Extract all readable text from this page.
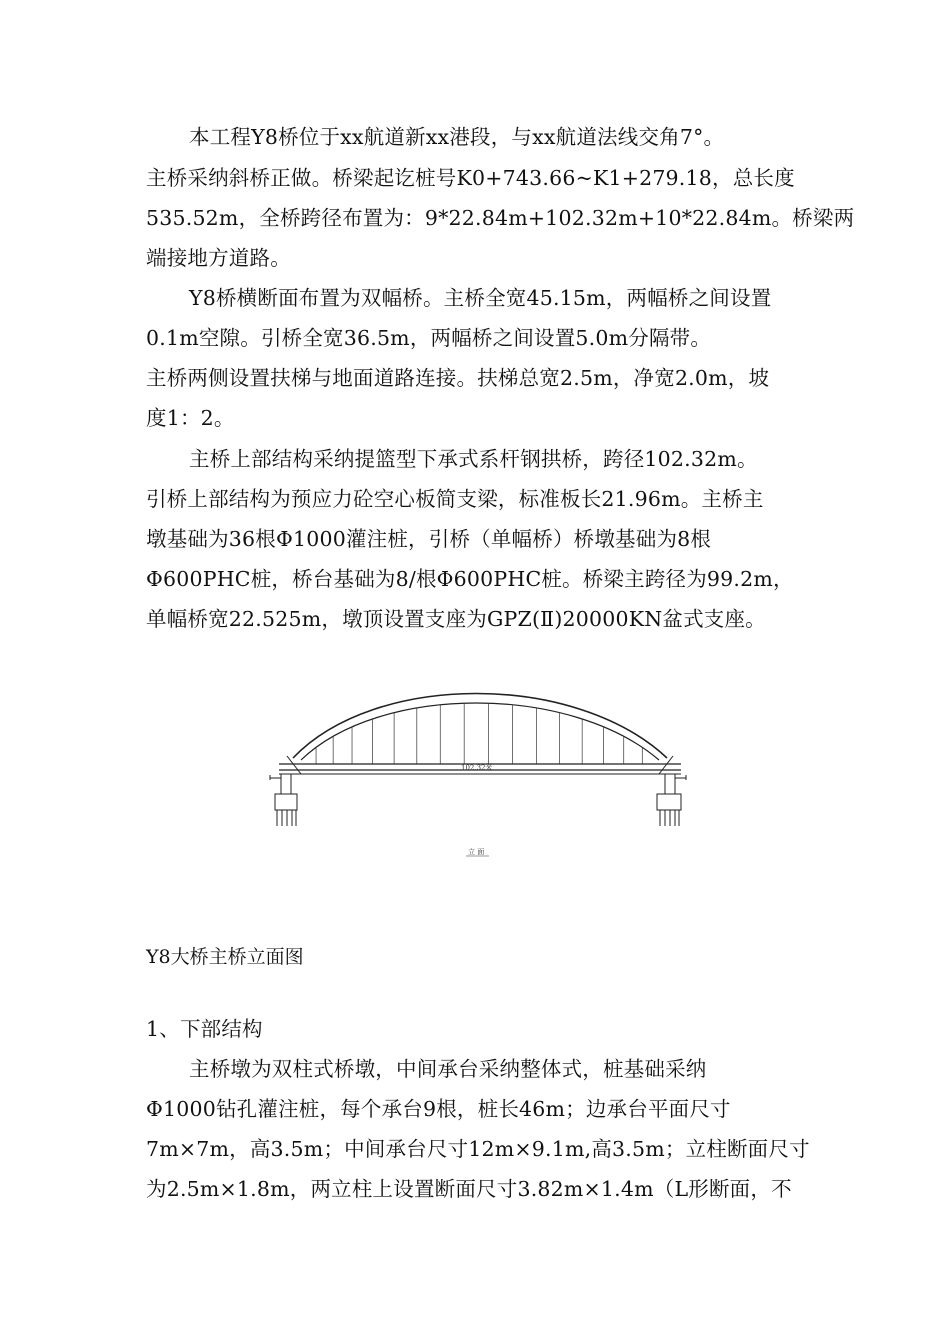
本工程Y8桥位于xx航道新xx港段，与xx航道法线交角7°。
主桥采纳斜桥正做。桥梁起讫桩号K0+743.66~K1+279.18，总长度
535.52m，全桥跨径布置为：9*22.84m+102.32m+10*22.84m。桥梁两
端接地方道路。
Y8桥横断面布置为双幅桥。主桥全宽45.15m，两幅桥之间设置
0.1m空隙。引桥全宽36.5m，两幅桥之间设置5.0m分隔带。
主桥两侧设置扶梯与地面道路连接。扶梯总宽2.5m，净宽2.0m，坡
度1：2。
主桥上部结构采纳提篮型下承式系杆钢拱桥，跨径102.32m。
引桥上部结构为预应力砼空心板简支梁，标准板长21.96m。主桥主
墩基础为36根Φ1000灌注桩，引桥（单幅桥）桥墩基础为8根
Φ600PHC桩，桥台基础为8/根Φ600PHC桩。桥梁主跨径为99.2m，
单幅桥宽22.525m，墩顶设置支座为GPZ(Ⅱ)20000KN盆式支座。
102.32米
立 面
Y8大桥主桥立面图
1、下部结构
主桥墩为双柱式桥墩，中间承台采纳整体式，桩基础采纳
Φ1000钻孔灌注桩，每个承台9根，桩长46m；边承台平面尺寸
7m×7m，高3.5m；中间承台尺寸12m×9.1m,高3.5m；立柱断面尺寸
为2.5m×1.8m，两立柱上设置断面尺寸3.82m×1.4m（L形断面，不
